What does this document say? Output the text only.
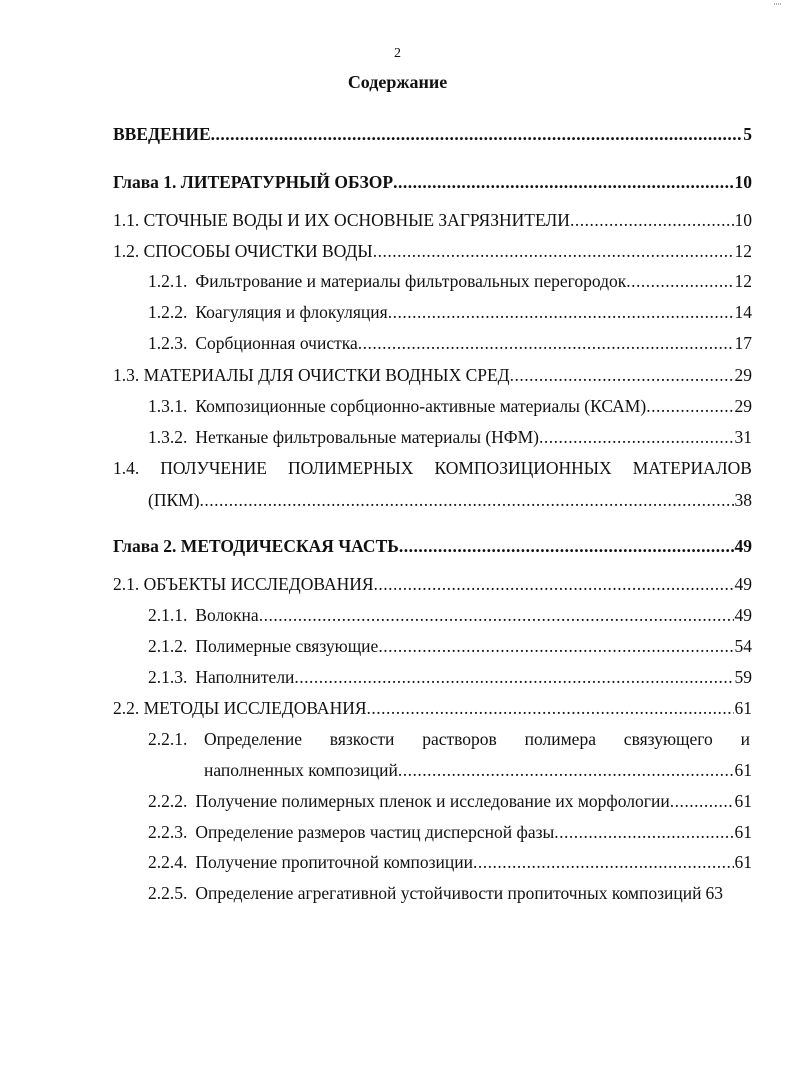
˙˙˙˙
2
Содержание
ВВЕДЕНИЕ .....	5
Глава 1. ЛИТЕРАТУРНЫЙ ОБЗОР .....	10
1.1. СТОЧНЫЕ ВОДЫ И ИХ ОСНОВНЫЕ ЗАГРЯЗНИТЕЛИ .....	10
1.2. СПОСОБЫ ОЧИСТКИ ВОДЫ .....	12
1.2.1. Фильтрование и материалы фильтровальных перегородок .....	12
1.2.2. Коагуляция и флокуляция .....	14
1.2.3. Сорбционная очистка .....	17
1.3. МАТЕРИАЛЫ ДЛЯ ОЧИСТКИ ВОДНЫХ СРЕД .....	29
1.3.1. Композиционные сорбционно-активные материалы (КСАМ) .....	29
1.3.2. Нетканые фильтровальные материалы (НФМ) .....	31
1.4. ПОЛУЧЕНИЕ ПОЛИМЕРНЫХ КОМПОЗИЦИОННЫХ МАТЕРИАЛОВ
(ПКМ) .....	38
Глава 2. МЕТОДИЧЕСКАЯ ЧАСТЬ .....	49
2.1. ОБЪЕКТЫ ИССЛЕДОВАНИЯ .....	49
2.1.1. Волокна .....	49
2.1.2. Полимерные связующие .....	54
2.1.3. Наполнители .....	59
2.2. МЕТОДЫ ИССЛЕДОВАНИЯ .....	61
2.2.1. Определение вязкости растворов полимера связующего и
наполненных композиций .....	61
2.2.2. Получение полимерных пленок и исследование их морфологии .....	61
2.2.3. Определение размеров частиц дисперсной фазы .....	61
2.2.4. Получение пропиточной композиции .....	61
2.2.5. Определение агрегативной устойчивости пропиточных композиций 63
